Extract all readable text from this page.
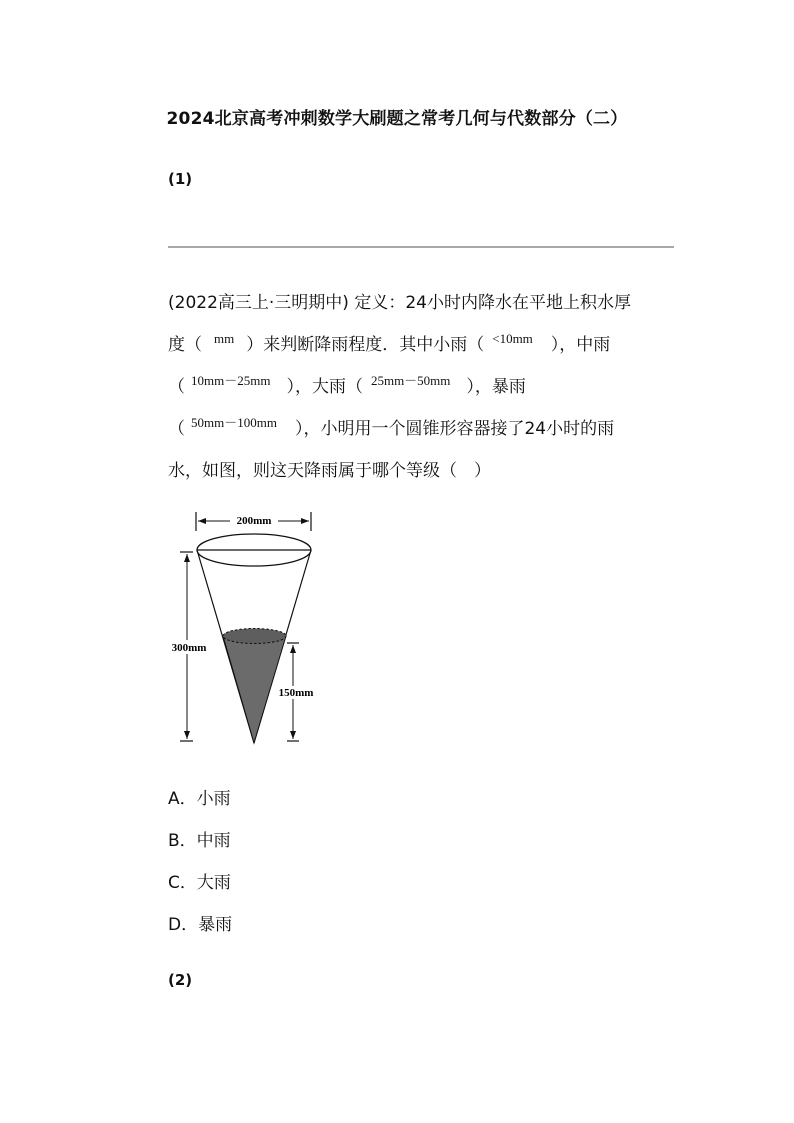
2024北京高考冲刺数学大刷题之常考几何与代数部分（二）
(1)
(2022高三上·三明期中) 定义：24小时内降水在平地上积水厚
度（ $^{mm}$ ）来判断降雨程度．其中小雨（ $^{<10mm}$ ），中雨
（ $^{10mm-25mm}$ ），大雨（ $^{25mm-50mm}$ ），暴雨
（ $^{50mm-100mm}$ ），小明用一个圆锥形容器接了24小时的雨
水，如图，则这天降雨属于哪个等级（　）
200mm
300mm
150mm
A．小雨
B．中雨
C．大雨
D．暴雨
(2)
